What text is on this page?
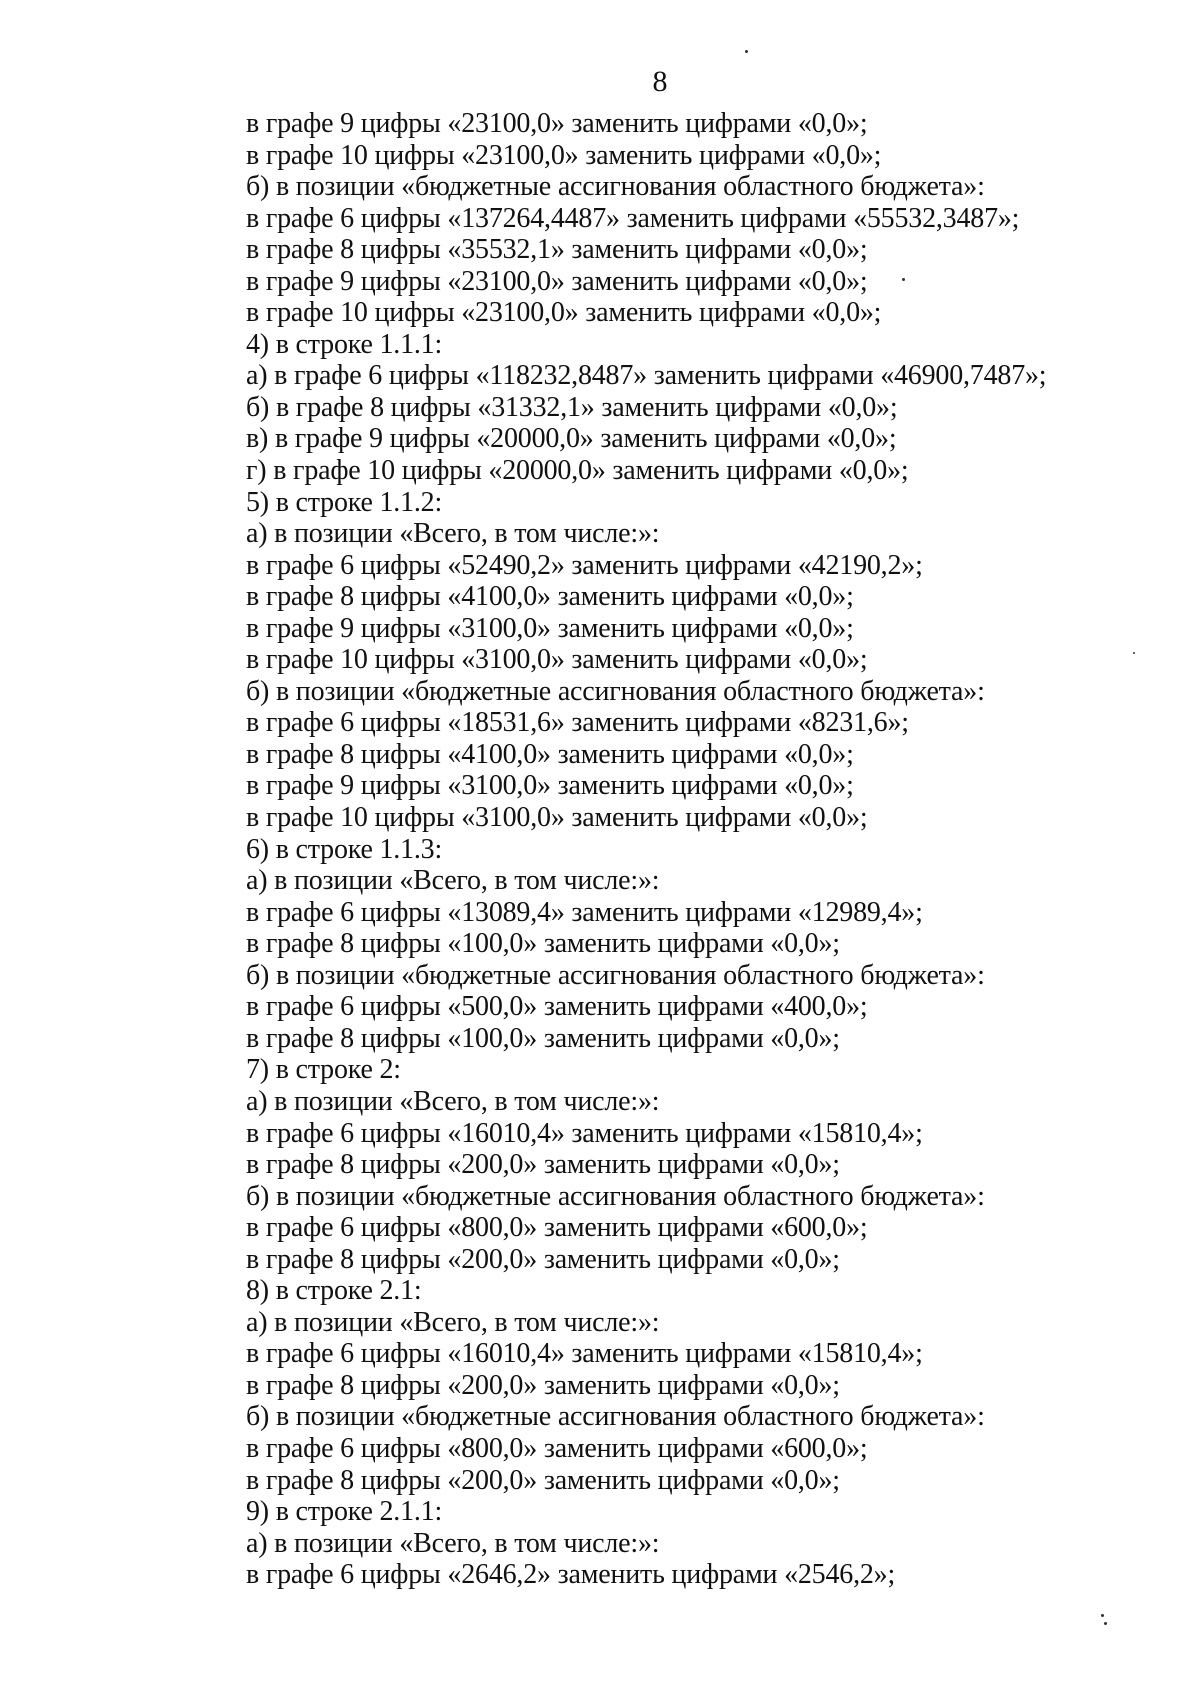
8
в графе 9 цифры «23100,0» заменить цифрами «0,0»;
в графе 10 цифры «23100,0» заменить цифрами «0,0»;
б) в позиции «бюджетные ассигнования областного бюджета»:
в графе 6 цифры «137264,4487» заменить цифрами «55532,3487»;
в графе 8 цифры «35532,1» заменить цифрами «0,0»;
в графе 9 цифры «23100,0» заменить цифрами «0,0»;
в графе 10 цифры «23100,0» заменить цифрами «0,0»;
4) в строке 1.1.1:
а) в графе 6 цифры «118232,8487» заменить цифрами «46900,7487»;
б) в графе 8 цифры «31332,1» заменить цифрами «0,0»;
в) в графе 9 цифры «20000,0» заменить цифрами «0,0»;
г) в графе 10 цифры «20000,0» заменить цифрами «0,0»;
5) в строке 1.1.2:
а) в позиции «Всего, в том числе:»:
в графе 6 цифры «52490,2» заменить цифрами «42190,2»;
в графе 8 цифры «4100,0» заменить цифрами «0,0»;
в графе 9 цифры «3100,0» заменить цифрами «0,0»;
в графе 10 цифры «3100,0» заменить цифрами «0,0»;
б) в позиции «бюджетные ассигнования областного бюджета»:
в графе 6 цифры «18531,6» заменить цифрами «8231,6»;
в графе 8 цифры «4100,0» заменить цифрами «0,0»;
в графе 9 цифры «3100,0» заменить цифрами «0,0»;
в графе 10 цифры «3100,0» заменить цифрами «0,0»;
6) в строке 1.1.3:
а) в позиции «Всего, в том числе:»:
в графе 6 цифры «13089,4» заменить цифрами «12989,4»;
в графе 8 цифры «100,0» заменить цифрами «0,0»;
б) в позиции «бюджетные ассигнования областного бюджета»:
в графе 6 цифры «500,0» заменить цифрами «400,0»;
в графе 8 цифры «100,0» заменить цифрами «0,0»;
7) в строке 2:
а) в позиции «Всего, в том числе:»:
в графе 6 цифры «16010,4» заменить цифрами «15810,4»;
в графе 8 цифры «200,0» заменить цифрами «0,0»;
б) в позиции «бюджетные ассигнования областного бюджета»:
в графе 6 цифры «800,0» заменить цифрами «600,0»;
в графе 8 цифры «200,0» заменить цифрами «0,0»;
8) в строке 2.1:
а) в позиции «Всего, в том числе:»:
в графе 6 цифры «16010,4» заменить цифрами «15810,4»;
в графе 8 цифры «200,0» заменить цифрами «0,0»;
б) в позиции «бюджетные ассигнования областного бюджета»:
в графе 6 цифры «800,0» заменить цифрами «600,0»;
в графе 8 цифры «200,0» заменить цифрами «0,0»;
9) в строке 2.1.1:
а) в позиции «Всего, в том числе:»:
в графе 6 цифры «2646,2» заменить цифрами «2546,2»;
